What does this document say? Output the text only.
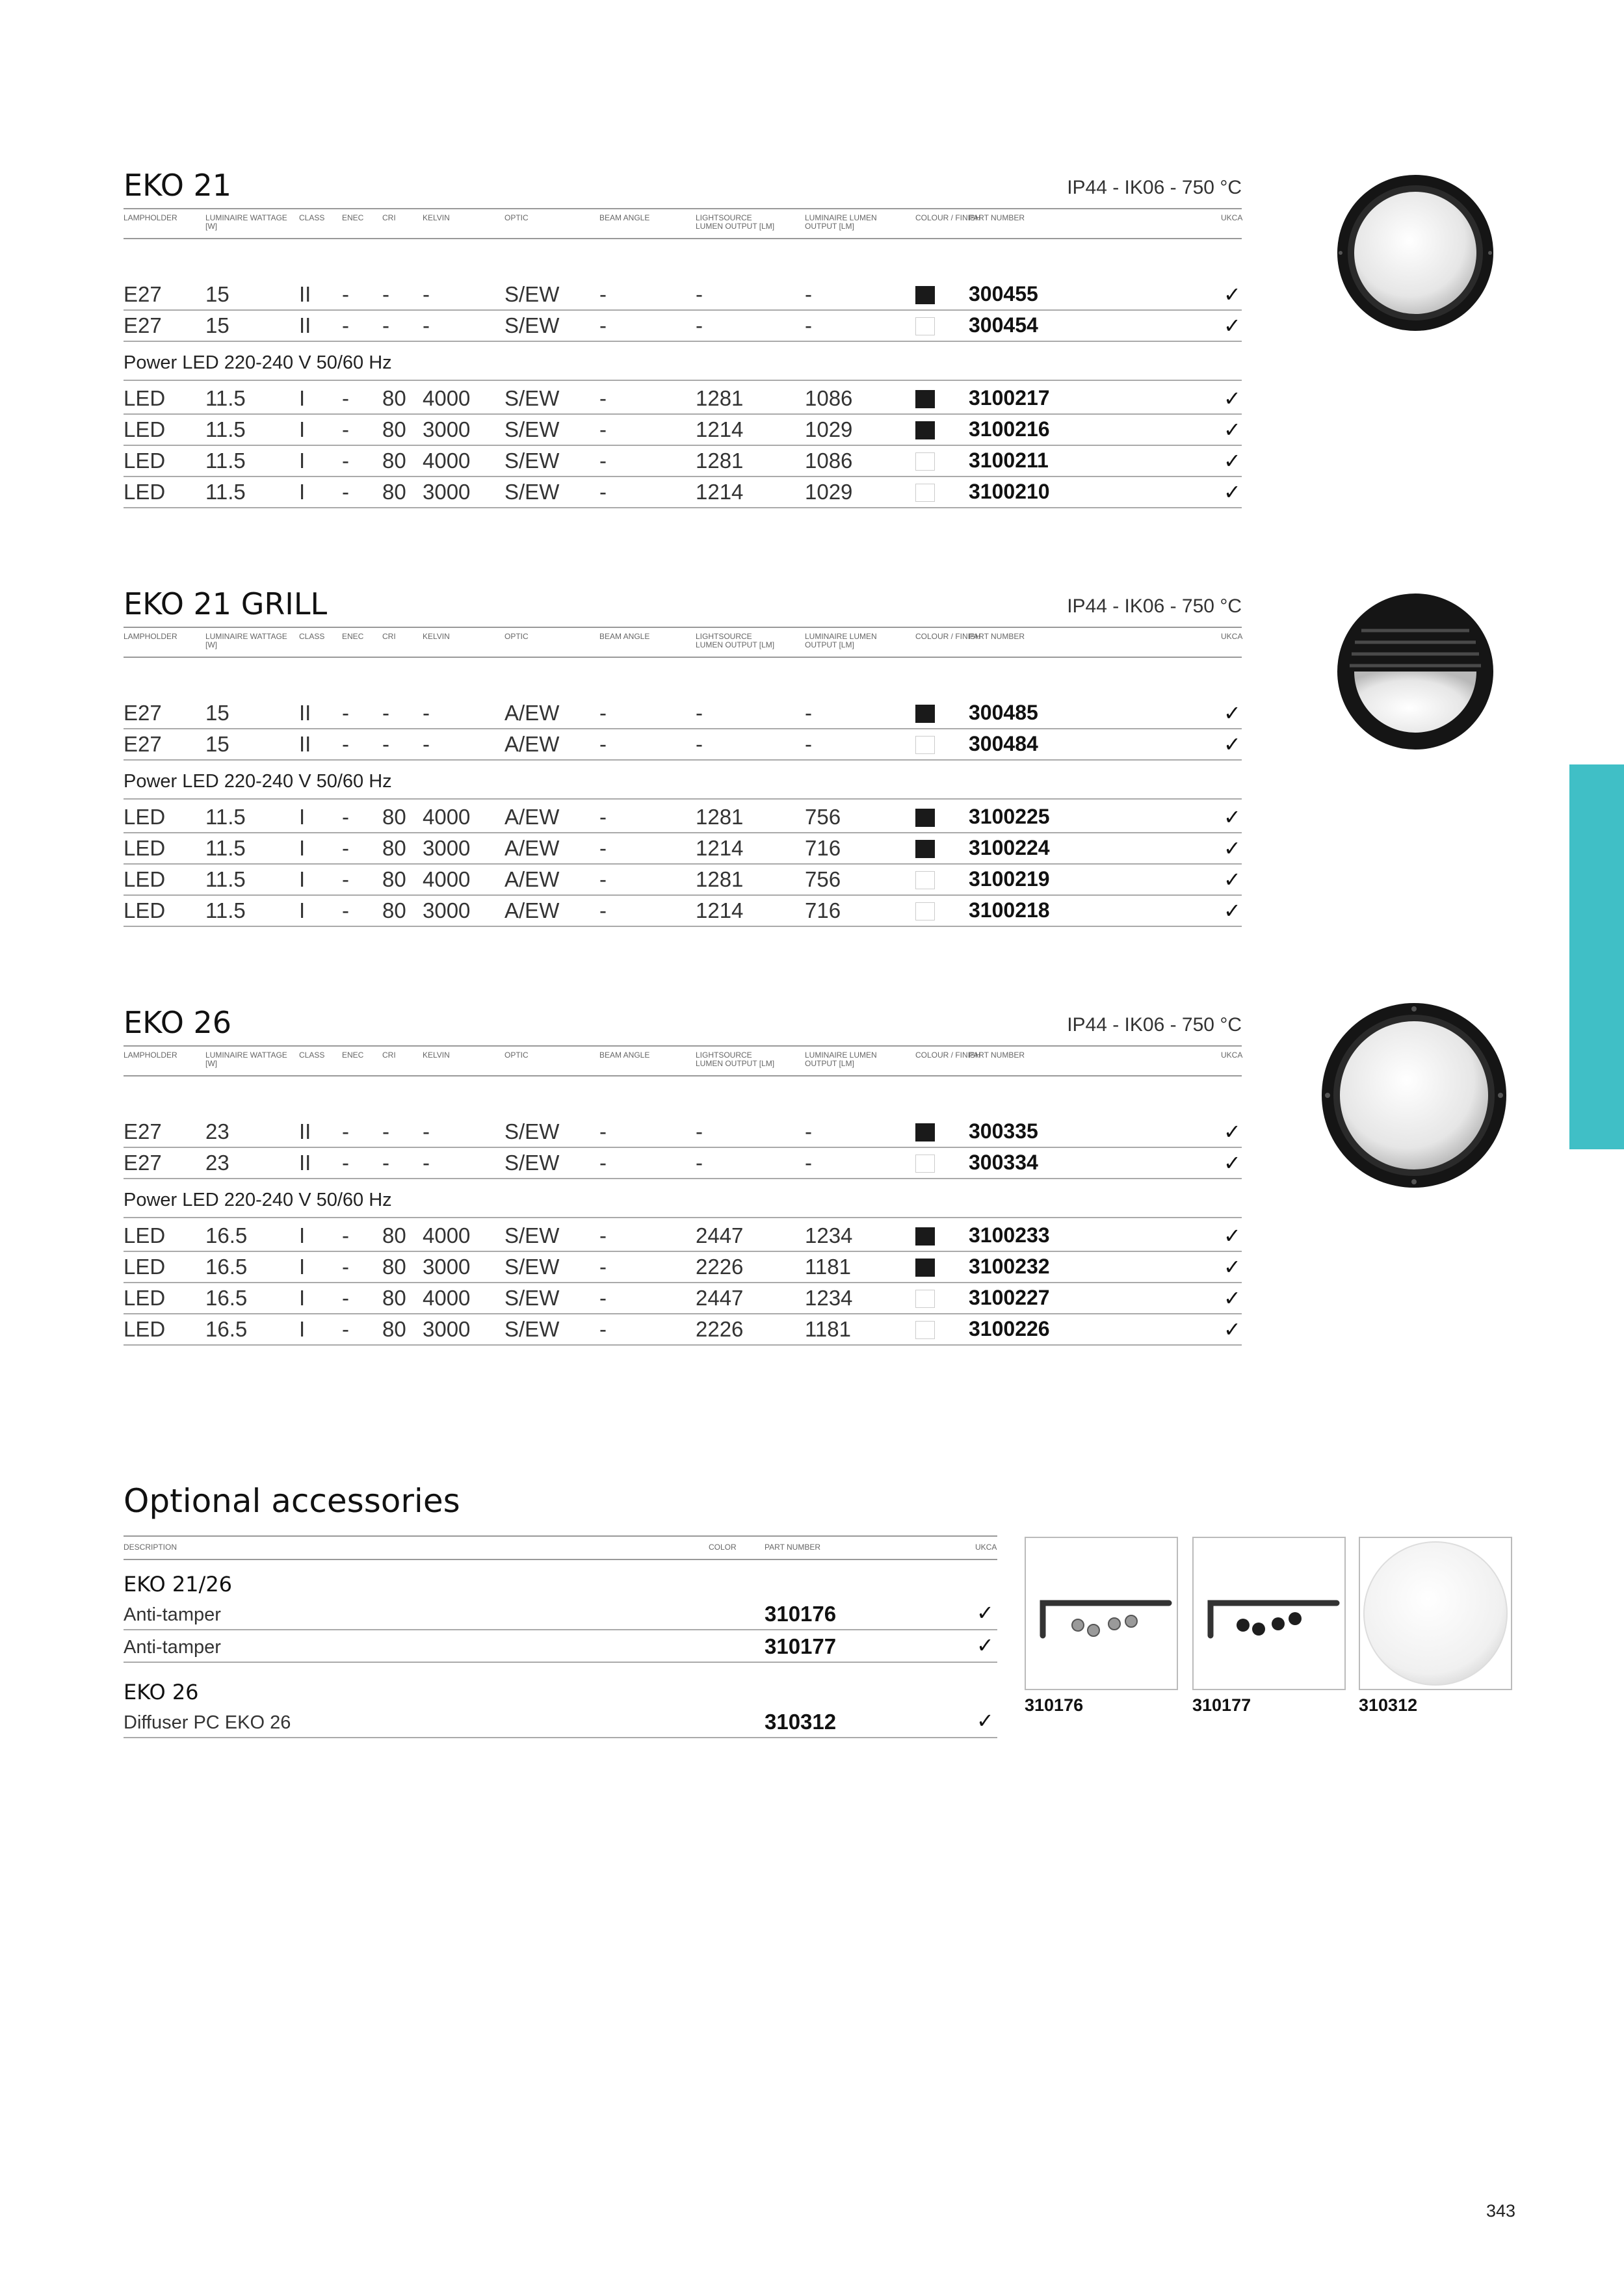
EKO 21	IP44 - IK06 - 750 °C
LAMPHOLDER	LUMINAIRE WATTAGE [W]
CLASS ENEC CRI	KELVIN	OPTIC	BEAM ANGLE	LIGHTSOURCE LUMEN OUTPUT [LM]
LUMINAIRE LUMEN OUTPUT [LM]
COLOUR / FINISH
PART NUMBER	UKCA
E27 15	II - - -	S/EW -	-	-	300455	✓
E27 15	II - - -	S/EW -	-	-	300454	✓
Power LED 220-240 V 50/60 Hz
LED 11.5 I - 80 4000 S/EW -	1281	1086	3100217	✓
LED 11.5 I - 80 3000 S/EW -	1214	1029	3100216	✓
LED 11.5 I - 80 4000 S/EW -	1281	1086	3100211	✓
LED 11.5 I - 80 3000 S/EW -	1214	1029	3100210	✓
EKO 21 GRILL	IP44 - IK06 - 750 °C
LAMPHOLDER	LUMINAIRE WATTAGE [W]
CLASS ENEC CRI	KELVIN	OPTIC	BEAM ANGLE	LIGHTSOURCE LUMEN OUTPUT [LM]
LUMINAIRE LUMEN OUTPUT [LM]
COLOUR / FINISH
PART NUMBER	UKCA
E27 15	II - - -	A/EW -	-	-	300485	✓
E27 15	II - - -	A/EW -	-	-	300484	✓
Power LED 220-240 V 50/60 Hz
LED 11.5 I - 80 4000 A/EW -	1281	756	3100225	✓
LED 11.5 I - 80 3000 A/EW -	1214	716	3100224	✓
LED 11.5 I - 80 4000 A/EW -	1281	756	3100219	✓
LED 11.5 I - 80 3000 A/EW -	1214	716	3100218	✓
EKO 26	IP44 - IK06 - 750 °C
LAMPHOLDER	LUMINAIRE WATTAGE [W]
CLASS ENEC CRI	KELVIN	OPTIC	BEAM ANGLE	LIGHTSOURCE LUMEN OUTPUT [LM]
LUMINAIRE LUMEN OUTPUT [LM]
COLOUR / FINISH
PART NUMBER	UKCA
E27 23	II - - -	S/EW -	-	-	300335	✓
E27 23	II - - -	S/EW -	-	-	300334	✓
Power LED 220-240 V 50/60 Hz
LED 16.5 I - 80 4000 S/EW -	2447	1234	3100233	✓
LED 16.5 I - 80 3000 S/EW -	2226	1181	3100232	✓
LED 16.5 I - 80 4000 S/EW -	2447	1234	3100227	✓
LED 16.5 I - 80 3000 S/EW -	2226	1181	3100226	✓
Optional accessories
DESCRIPTION	COLOR	PART NUMBER	UKCA
EKO 21/26
Anti-tamper	310176	✓
Anti-tamper	310177	✓
EKO 26
Diffuser PC EKO 26	310312	✓
310176	310177	310312
343
